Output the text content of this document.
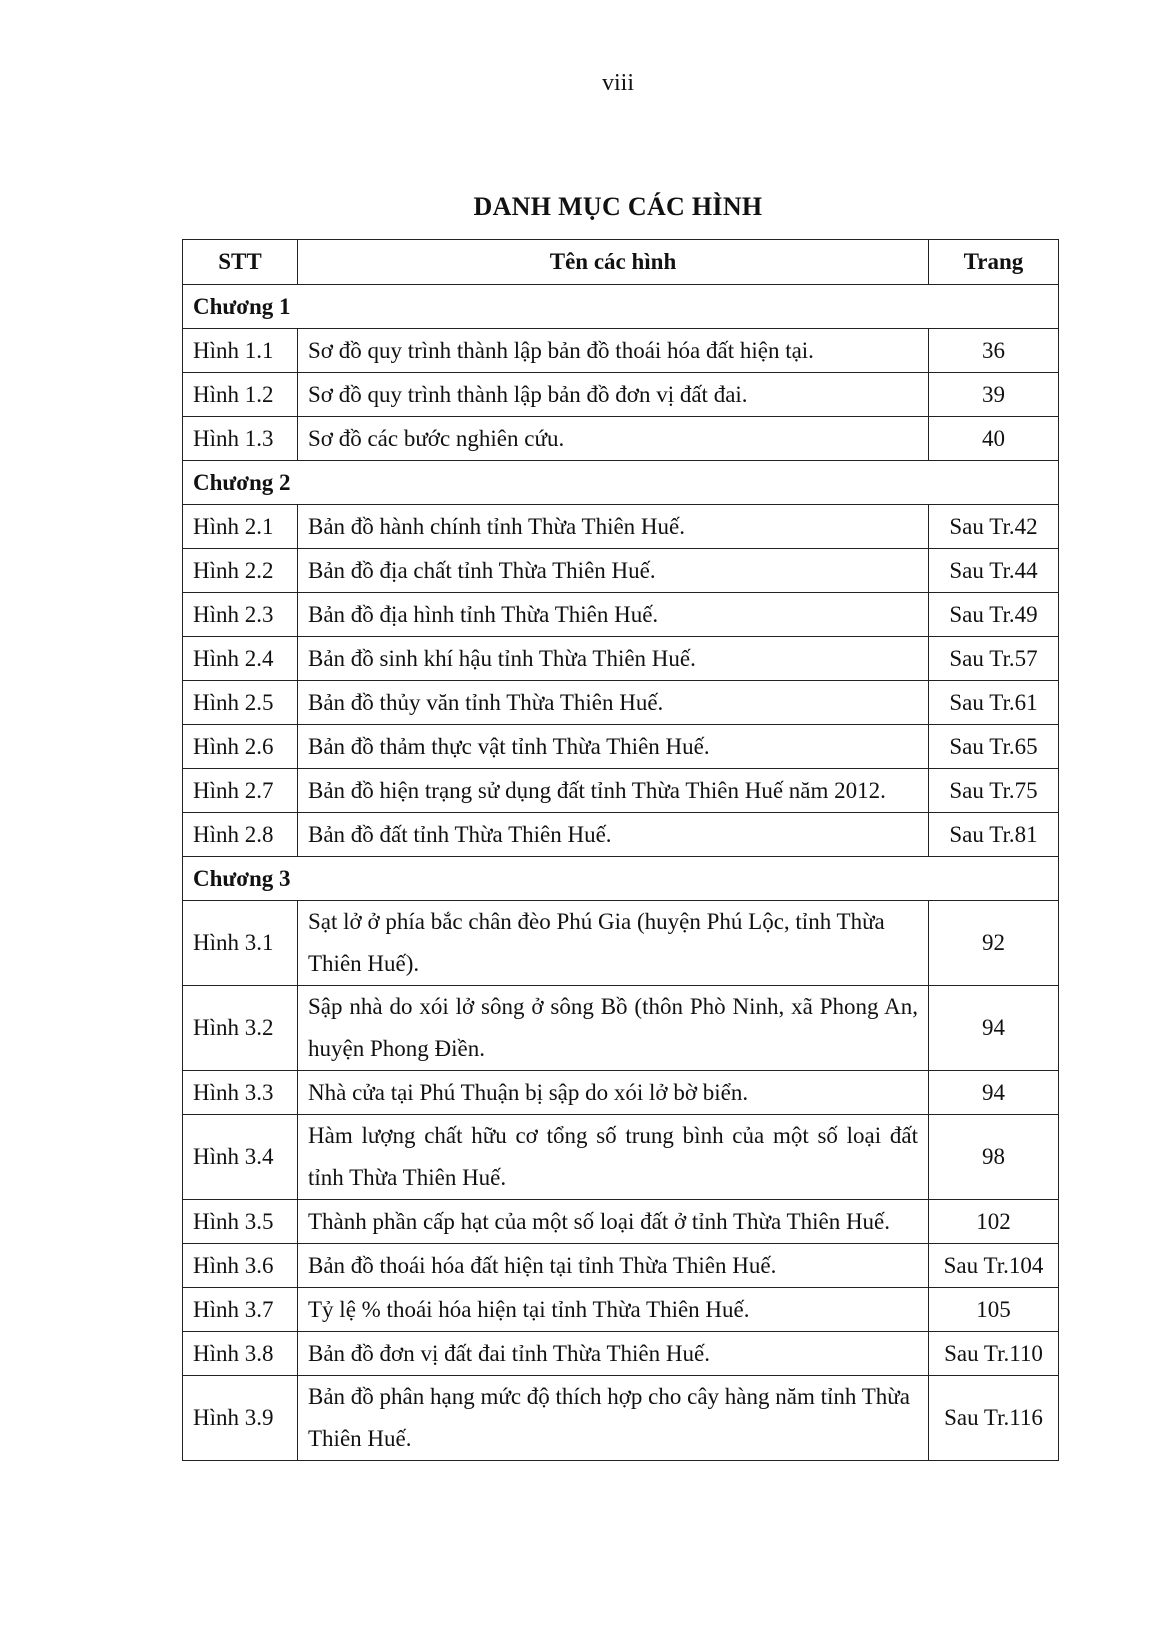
viii
DANH MỤC CÁC HÌNH
STT	Tên các hình	Trang
Chương 1		
Hình 1.1	Sơ đồ quy trình thành lập bản đồ thoái hóa đất hiện tại.	36
Hình 1.2	Sơ đồ quy trình thành lập bản đồ đơn vị đất đai.	39
Hình 1.3	Sơ đồ các bước nghiên cứu.	40
Chương 2		
Hình 2.1	Bản đồ hành chính tỉnh Thừa Thiên Huế.	Sau Tr.42
Hình 2.2	Bản đồ địa chất tỉnh Thừa Thiên Huế.	Sau Tr.44
Hình 2.3	Bản đồ địa hình tỉnh Thừa Thiên Huế.	Sau Tr.49
Hình 2.4	Bản đồ sinh khí hậu tỉnh Thừa Thiên Huế.	Sau Tr.57
Hình 2.5	Bản đồ thủy văn tỉnh Thừa Thiên Huế.	Sau Tr.61
Hình 2.6	Bản đồ thảm thực vật tỉnh Thừa Thiên Huế.	Sau Tr.65
Hình 2.7	Bản đồ hiện trạng sử dụng đất tỉnh Thừa Thiên Huế năm 2012.	Sau Tr.75
Hình 2.8	Bản đồ đất tỉnh Thừa Thiên Huế.	Sau Tr.81
Chương 3		
Hình 3.1	Sạt lở ở phía bắc chân đèo Phú Gia (huyện Phú Lộc, tỉnh Thừa Thiên Huế).	92
Hình 3.2	Sập nhà do xói lở sông ở sông Bồ (thôn Phò Ninh, xã Phong An, huyện Phong Điền.	94
Hình 3.3	Nhà cửa tại Phú Thuận bị sập do xói lở bờ biển.	94
Hình 3.4	Hàm lượng chất hữu cơ tổng số trung bình của một số loại đất tỉnh Thừa Thiên Huế.	98
Hình 3.5	Thành phần cấp hạt của một số loại đất ở tỉnh Thừa Thiên Huế.	102
Hình 3.6	Bản đồ thoái hóa đất hiện tại tỉnh Thừa Thiên Huế.	Sau Tr.104
Hình 3.7	Tỷ lệ % thoái hóa hiện tại tỉnh Thừa Thiên Huế.	105
Hình 3.8	Bản đồ đơn vị đất đai tỉnh Thừa Thiên Huế.	Sau Tr.110
Hình 3.9	Bản đồ phân hạng mức độ thích hợp cho cây hàng năm tỉnh Thừa Thiên Huế.	Sau Tr.116
